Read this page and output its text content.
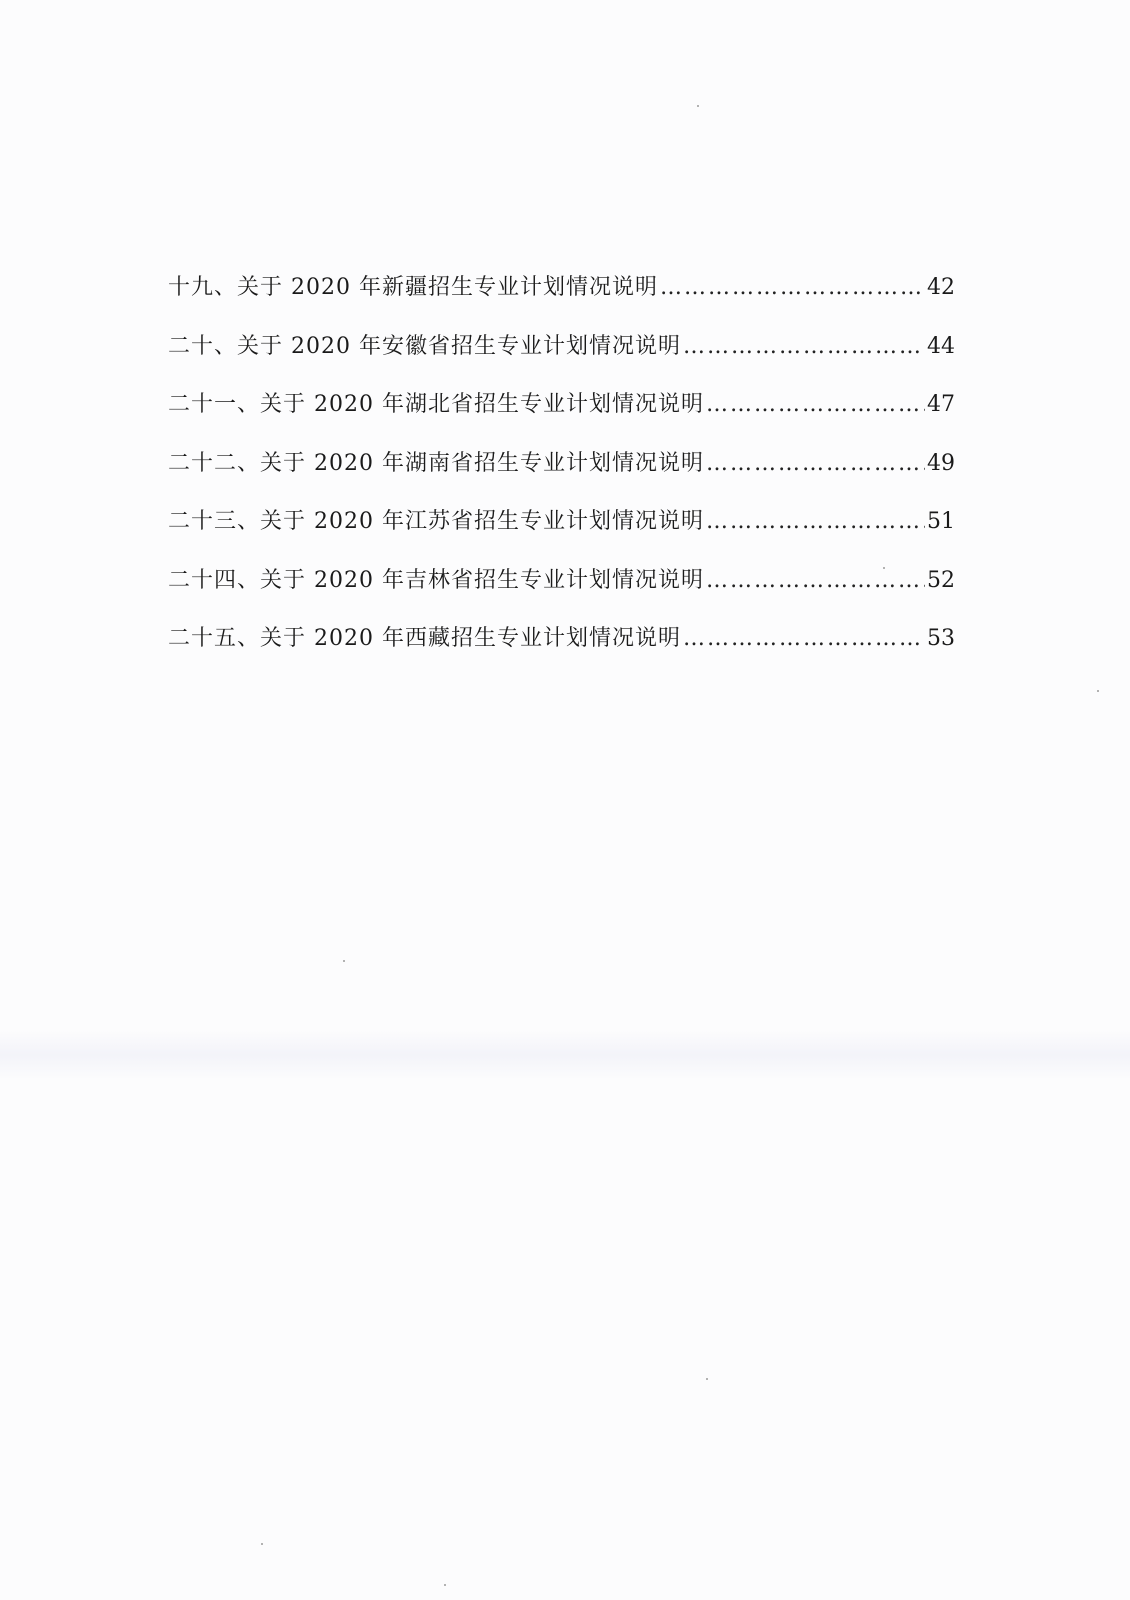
十九、关于 2020 年新疆招生专业计划情况说明 …………………………………………………………………………………………	42
二十、关于 2020 年安徽省招生专业计划情况说明 …………………………………………………………………………………………	44
二十一、关于 2020 年湖北省招生专业计划情况说明 …………………………………………………………………………………………	47
二十二、关于 2020 年湖南省招生专业计划情况说明 …………………………………………………………………………………………	49
二十三、关于 2020 年江苏省招生专业计划情况说明 …………………………………………………………………………………………	51
二十四、关于 2020 年吉林省招生专业计划情况说明 …………………………………………………………………………………………	52
二十五、关于 2020 年西藏招生专业计划情况说明 …………………………………………………………………………………………	53
